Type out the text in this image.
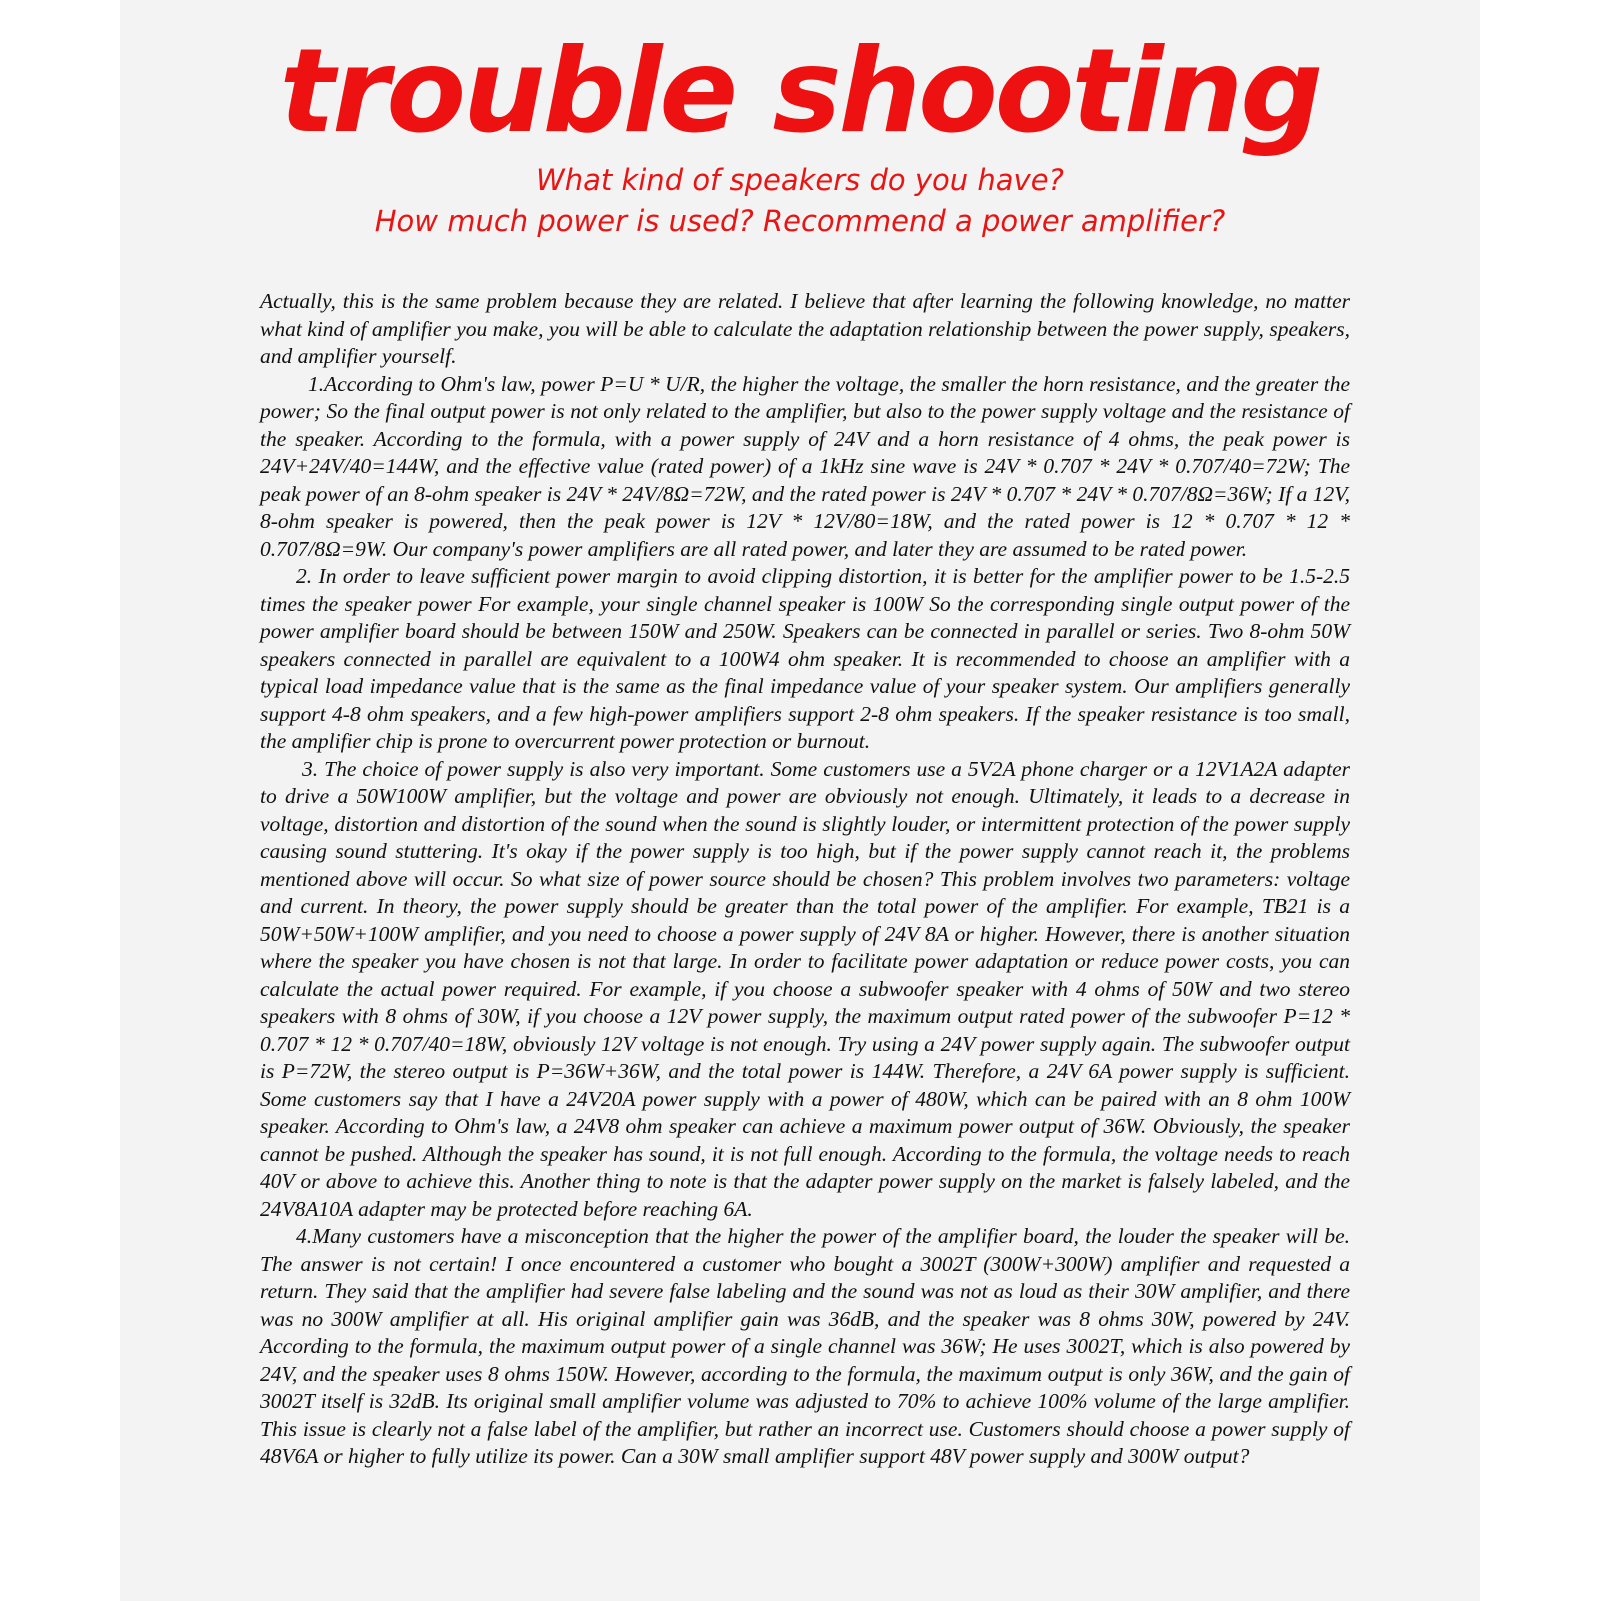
trouble shooting

What kind of speakers do you have?

How much power is used? Recommend a power amplifier?

Actually, this is the same problem because they are related. I believe that after learning the following knowledge, no matter what kind of amplifier you make, you will be able to calculate the adaptation relationship between the power supply, speakers, and amplifier yourself.

1.According to Ohm's law, power P=U * U/R, the higher the voltage, the smaller the horn resistance, and the greater the power; So the final output power is not only related to the amplifier, but also to the power supply voltage and the resistance of the speaker. According to the formula, with a power supply of 24V and a horn resistance of 4 ohms, the peak power is 24V+24V/40=144W, and the effective value (rated power) of a 1kHz sine wave is 24V * 0.707 * 24V * 0.707/40=72W; The peak power of an 8-ohm speaker is 24V * 24V/8Ω=72W, and the rated power is 24V * 0.707 * 24V * 0.707/8Ω=36W; If a 12V, 8-ohm speaker is powered, then the peak power is 12V * 12V/80=18W, and the rated power is 12 * 0.707 * 12 * 0.707/8Ω=9W. Our company's power amplifiers are all rated power, and later they are assumed to be rated power.

2. In order to leave sufficient power margin to avoid clipping distortion, it is better for the amplifier power to be 1.5-2.5 times the speaker power For example, your single channel speaker is 100W So the corresponding single output power of the power amplifier board should be between 150W and 250W. Speakers can be connected in parallel or series. Two 8-ohm 50W speakers connected in parallel are equivalent to a 100W4 ohm speaker. It is recommended to choose an amplifier with a typical load impedance value that is the same as the final impedance value of your speaker system. Our amplifiers generally support 4-8 ohm speakers, and a few high-power amplifiers support 2-8 ohm speakers. If the speaker resistance is too small, the amplifier chip is prone to overcurrent power protection or burnout.

3. The choice of power supply is also very important. Some customers use a 5V2A phone charger or a 12V1A2A adapter to drive a 50W100W amplifier, but the voltage and power are obviously not enough. Ultimately, it leads to a decrease in voltage, distortion and distortion of the sound when the sound is slightly louder, or intermittent protection of the power supply causing sound stuttering. It's okay if the power supply is too high, but if the power supply cannot reach it, the problems mentioned above will occur. So what size of power source should be chosen? This problem involves two parameters: voltage and current. In theory, the power supply should be greater than the total power of the amplifier. For example, TB21 is a 50W+50W+100W amplifier, and you need to choose a power supply of 24V 8A or higher. However, there is another situation where the speaker you have chosen is not that large. In order to facilitate power adaptation or reduce power costs, you can calculate the actual power required. For example, if you choose a subwoofer speaker with 4 ohms of 50W and two stereo speakers with 8 ohms of 30W, if you choose a 12V power supply, the maximum output rated power of the subwoofer P=12 * 0.707 * 12 * 0.707/40=18W, obviously 12V voltage is not enough. Try using a 24V power supply again. The subwoofer output is P=72W, the stereo output is P=36W+36W, and the total power is 144W. Therefore, a 24V 6A power supply is sufficient. Some customers say that I have a 24V20A power supply with a power of 480W, which can be paired with an 8 ohm 100W speaker. According to Ohm's law, a 24V8 ohm speaker can achieve a maximum power output of 36W. Obviously, the speaker cannot be pushed. Although the speaker has sound, it is not full enough. According to the formula, the voltage needs to reach 40V or above to achieve this. Another thing to note is that the adapter power supply on the market is falsely labeled, and the 24V8A10A adapter may be protected before reaching 6A.

4.Many customers have a misconception that the higher the power of the amplifier board, the louder the speaker will be. The answer is not certain! I once encountered a customer who bought a 3002T (300W+300W) amplifier and requested a return. They said that the amplifier had severe false labeling and the sound was not as loud as their 30W amplifier, and there was no 300W amplifier at all. His original amplifier gain was 36dB, and the speaker was 8 ohms 30W, powered by 24V. According to the formula, the maximum output power of a single channel was 36W; He uses 3002T, which is also powered by 24V, and the speaker uses 8 ohms 150W. However, according to the formula, the maximum output is only 36W, and the gain of 3002T itself is 32dB. Its original small amplifier volume was adjusted to 70% to achieve 100% volume of the large amplifier. This issue is clearly not a false label of the amplifier, but rather an incorrect use. Customers should choose a power supply of 48V6A or higher to fully utilize its power. Can a 30W small amplifier support 48V power supply and 300W output?
